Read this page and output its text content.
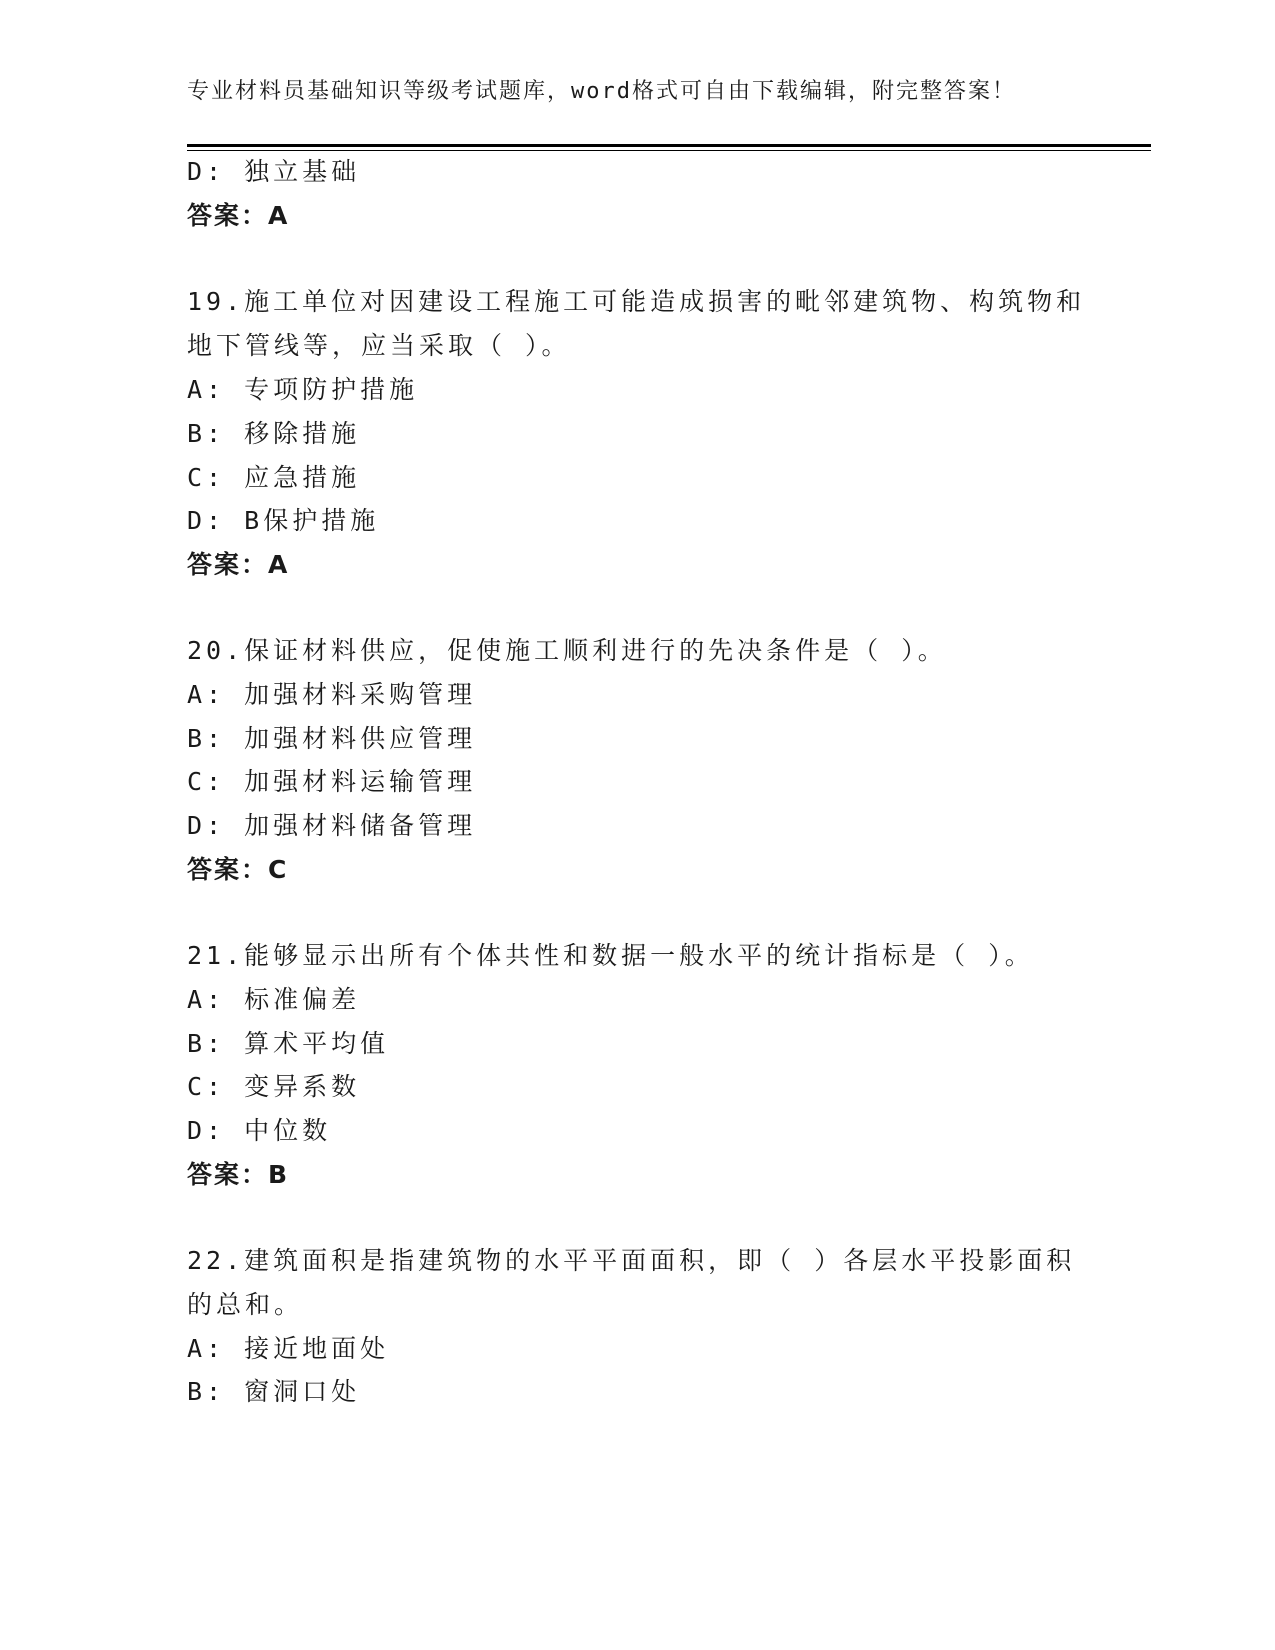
专业材料员基础知识等级考试题库，word格式可自由下载编辑，附完整答案！
D: 独立基础
答案：A
19.施工单位对因建设工程施工可能造成损害的毗邻建筑物、构筑物和
地下管线等，应当采取（ ）。
A: 专项防护措施
B: 移除措施
C: 应急措施
D: B保护措施
答案：A
20.保证材料供应，促使施工顺利进行的先决条件是（ ）。
A: 加强材料采购管理
B: 加强材料供应管理
C: 加强材料运输管理
D: 加强材料储备管理
答案：C
21.能够显示出所有个体共性和数据一般水平的统计指标是（ ）。
A: 标准偏差
B: 算术平均值
C: 变异系数
D: 中位数
答案：B
22.建筑面积是指建筑物的水平平面面积，即（ ）各层水平投影面积
的总和。
A: 接近地面处
B: 窗洞口处
